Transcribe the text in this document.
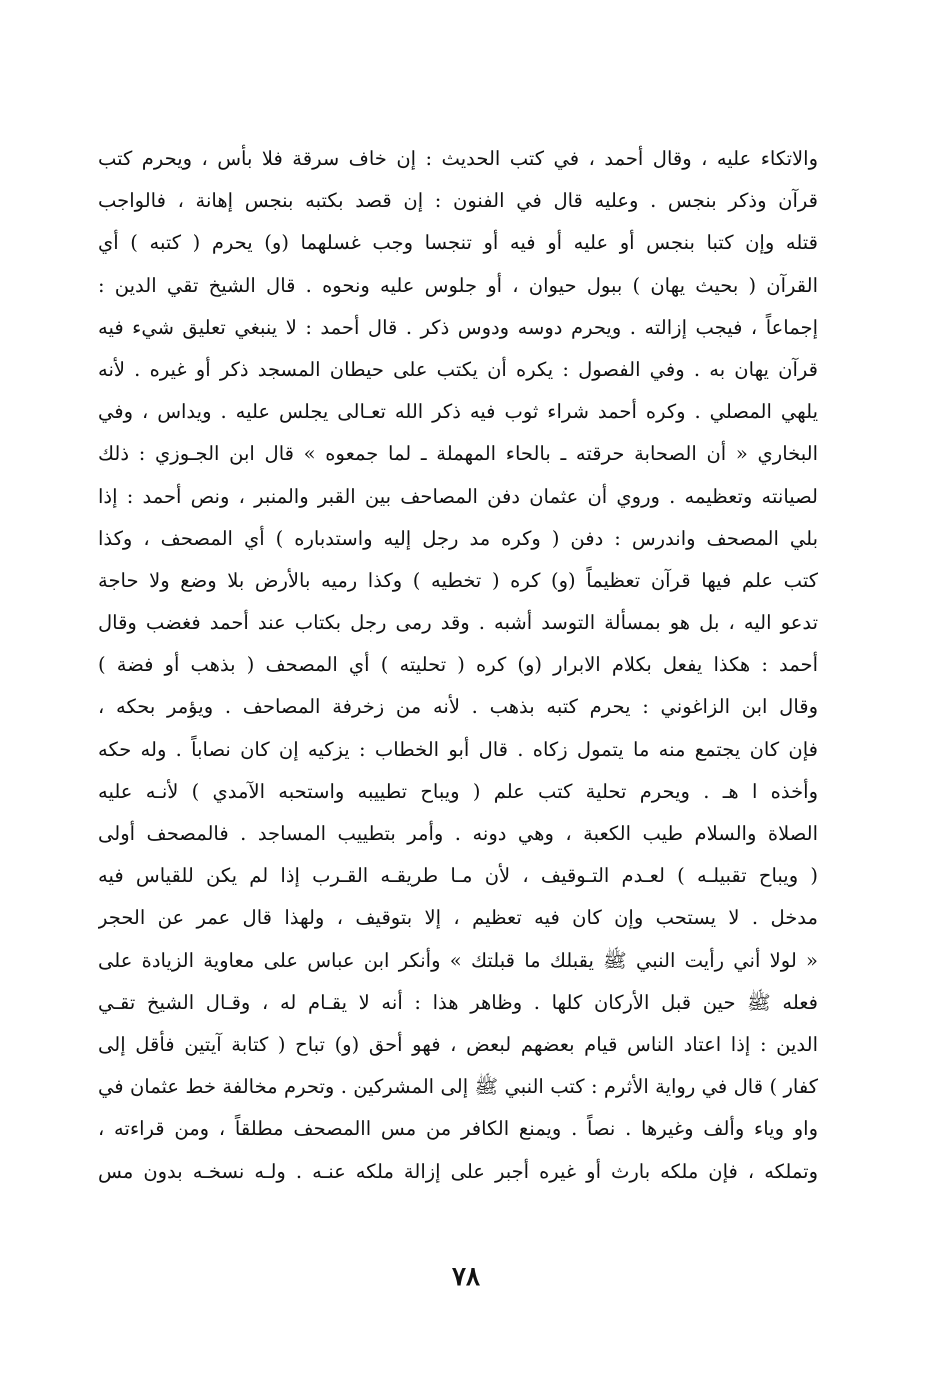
والاتكاء عليه ، وقال أحمد ، في كتب الحديث : إن خاف سرقة فلا بأس ، ويحرم كتب
قرآن وذكر بنجس . وعليه قال في الفنون : إن قصد بكتبه بنجس إهانة ، فالواجب
قتله وإن كتبا بنجس أو عليه أو فيه أو تنجسا وجب غسلهما (و) يحرم ( كتبه ) أي
القرآن ( بحيث يهان ) ببول حيوان ، أو جلوس عليه ونحوه . قال الشيخ تقي الدين :
إجماعاً ، فيجب إزالته . ويحرم دوسه ودوس ذكر . قال أحمد : لا ينبغي تعليق شيء فيه
قرآن يهان به . وفي الفصول : يكره أن يكتب على حيطان المسجد ذكر أو غيره . لأنه
يلهي المصلي . وكره أحمد شراء ثوب فيه ذكر الله تعـالى يجلس عليه . ويداس ، وفي
البخاري « أن الصحابة حرقته ـ بالحاء المهملة ـ لما جمعوه » قال ابن الجـوزي : ذلك
لصيانته وتعظيمه . وروي أن عثمان دفن المصاحف بين القبر والمنبر ، ونص أحمد : إذا
بلي المصحف واندرس : دفن ( وكره مد رجل إليه واستدباره ) أي المصحف ، وكذا
كتب علم فيها قرآن تعظيماً (و) كره ( تخطيه ) وكذا رميه بالأرض بلا وضع ولا حاجة
تدعو اليه ، بل هو بمسألة التوسد أشبه . وقد رمى رجل بكتاب عند أحمد فغضب وقال
أحمد : هكذا يفعل بكلام الابرار (و) كره ( تحليته ) أي المصحف ( بذهب أو فضة )
وقال ابن الزاغوني : يحرم كتبه بذهب . لأنه من زخرفة المصاحف . ويؤمر بحكه ،
فإن كان يجتمع منه ما يتمول زكاه . قال أبو الخطاب : يزكيه إن كان نصاباً . وله حكه
وأخذه ا هـ . ويحرم تحلية كتب علم ( ويباح تطييبه واستحبه الآمدي ) لأنـه عليه
الصلاة والسلام طيب الكعبة ، وهي دونه . وأمر بتطييب المساجد . فالمصحف أولى
( ويباح تقبيلـه ) لعـدم التـوقيف ، لأن مـا طريقـه القـرب إذا لم يكن للقياس فيه
مدخل . لا يستحب وإن كان فيه تعظيم ، إلا بتوقيف ، ولهذا قال عمر عن الحجر
« لولا أني رأيت النبي ﷺ يقبلك ما قبلتك » وأنكر ابن عباس على معاوية الزيادة على
فعله ﷺ حين قبل الأركان كلها . وظاهر هذا : أنه لا يقـام له ، وقـال الشيخ تقـي
الدين : إذا اعتاد الناس قيام بعضهم لبعض ، فهو أحق (و) تباح ( كتابة آيتين فأقل إلى
كفار ) قال في رواية الأثرم : كتب النبي ﷺ إلى المشركين . وتحرم مخالفة خط عثمان في
واو وياء وألف وغيرها . نصاً . ويمنع الكافر من مس االمصحف مطلقاً ، ومن قراءته ،
وتملكه ، فإن ملكه بارث أو غيره أجبر على إزالة ملكه عنـه . ولـه نسخـه بدون مس
٧٨
